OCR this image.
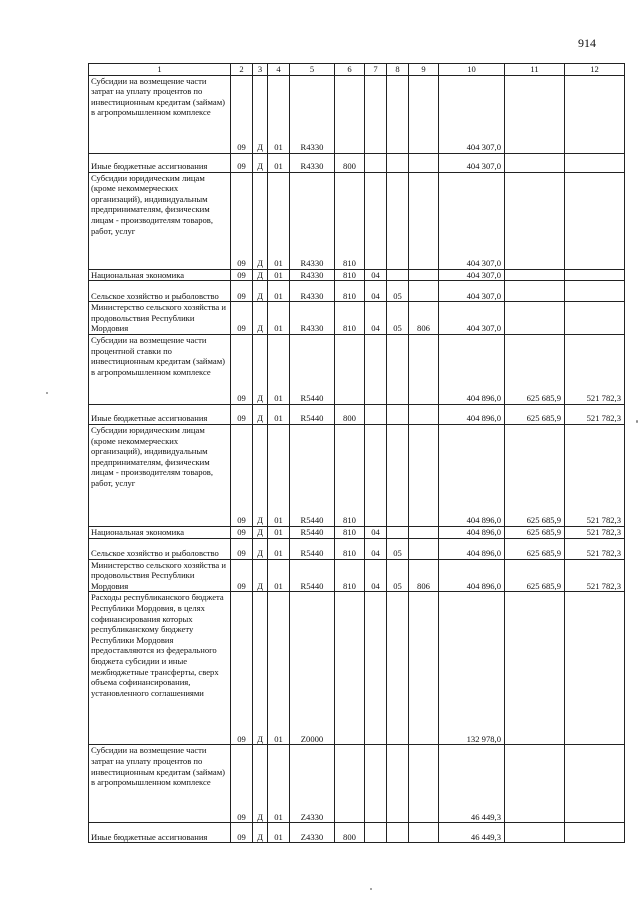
914
1	2	3	4	5	6	7	8	9	10	11	12
Субсидии на возмещение части затрат на уплату процентов по инвестиционным кредитам (займам) в агропромышленном комплексе	09	Д	01	R4330					404 307,0		
Иные бюджетные ассигнования	09	Д	01	R4330	800				404 307,0		
Субсидии юридическим лицам (кроме некоммерческих организаций), индивидуальным предпринимателям, физическим лицам - производителям товаров, работ, услуг	09	Д	01	R4330	810				404 307,0		
Национальная экономика	09	Д	01	R4330	810	04			404 307,0		
Сельское хозяйство и рыболовство	09	Д	01	R4330	810	04	05		404 307,0		
Министерство сельского хозяйства и продовольствия Республики Мордовия	09	Д	01	R4330	810	04	05	806	404 307,0		
Субсидии на возмещение части процентной ставки по инвестиционным кредитам (займам) в агропромышленном комплексе	09	Д	01	R5440					404 896,0	625 685,9	521 782,3
Иные бюджетные ассигнования	09	Д	01	R5440	800				404 896,0	625 685,9	521 782,3
Субсидии юридическим лицам (кроме некоммерческих организаций), индивидуальным предпринимателям, физическим лицам - производителям товаров, работ, услуг	09	Д	01	R5440	810				404 896,0	625 685,9	521 782,3
Национальная экономика	09	Д	01	R5440	810	04			404 896,0	625 685,9	521 782,3
Сельское хозяйство и рыболовство	09	Д	01	R5440	810	04	05		404 896,0	625 685,9	521 782,3
Министерство сельского хозяйства и продовольствия Республики Мордовия	09	Д	01	R5440	810	04	05	806	404 896,0	625 685,9	521 782,3
Расходы республиканского бюджета Республики Мордовия, в целях софинансирования которых республиканскому бюджету Республики Мордовия предоставляются из федерального бюджета субсидии и иные межбюджетные трансферты, сверх объема софинансирования, установленного соглашениями	09	Д	01	Z0000					132 978,0		
Субсидии на возмещение части затрат на уплату процентов по инвестиционным кредитам (займам) в агропромышленном комплексе	09	Д	01	Z4330					46 449,3		
Иные бюджетные ассигнования	09	Д	01	Z4330	800				46 449,3		
